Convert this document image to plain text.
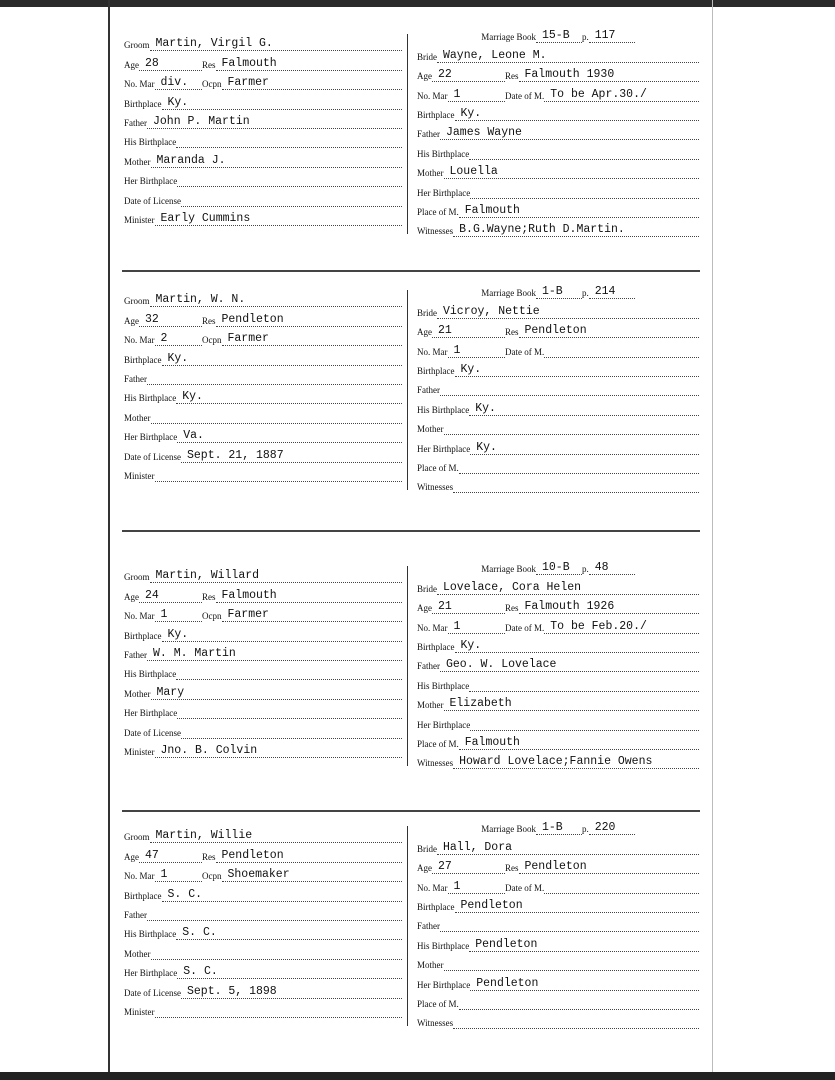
Groom Martin, Virgil G.
Age 28	Res Falmouth
No. Mar div.	Ocpn Farmer
Birthplace Ky.
Father John P. Martin
His Birthplace
Mother Maranda J.
Her Birthplace
Date of License
Minister Early Cummins
Marriage Book 15-B	p. 117
Bride Wayne, Leone M.
Age 22	Res Falmouth 1930
No. Mar 1	Date of M. To be Apr.30./
Birthplace Ky.
Father James Wayne
His Birthplace
Mother Louella
Her Birthplace
Place of M. Falmouth
Witnesses B.G.Wayne;Ruth D.Martin.
Groom Martin, W. N.
Age 32	Res Pendleton
No. Mar 2	Ocpn Farmer
Birthplace Ky.
Father
His Birthplace Ky.
Mother
Her Birthplace Va.
Date of License Sept. 21, 1887
Minister
Marriage Book 1-B	p. 214
Bride Vicroy, Nettie
Age 21	Res Pendleton
No. Mar 1	Date of M.
Birthplace Ky.
Father
His Birthplace Ky.
Mother
Her Birthplace Ky.
Place of M.
Witnesses
Groom Martin, Willard
Age 24	Res Falmouth
No. Mar 1	Ocpn Farmer
Birthplace Ky.
Father W. M. Martin
His Birthplace
Mother Mary
Her Birthplace
Date of License
Minister Jno. B. Colvin
Marriage Book 10-B	p. 48
Bride Lovelace, Cora Helen
Age 21	Res Falmouth 1926
No. Mar 1	Date of M. To be Feb.20./
Birthplace Ky.
Father Geo. W. Lovelace
His Birthplace
Mother Elizabeth
Her Birthplace
Place of M. Falmouth
Witnesses Howard Lovelace;Fannie Owens
Groom Martin, Willie
Age 47	Res Pendleton
No. Mar 1	Ocpn Shoemaker
Birthplace S. C.
Father
His Birthplace S. C.
Mother
Her Birthplace S. C.
Date of License Sept. 5, 1898
Minister
Marriage Book 1-B	p. 220
Bride Hall, Dora
Age 27	Res Pendleton
No. Mar 1	Date of M.
Birthplace Pendleton
Father
His Birthplace Pendleton
Mother
Her Birthplace Pendleton
Place of M.
Witnesses
